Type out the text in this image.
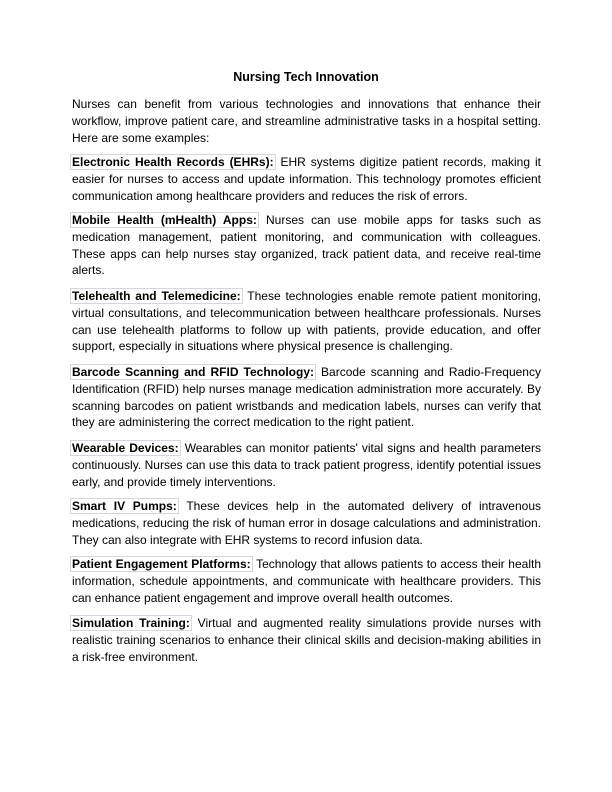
Nursing Tech Innovation

Nurses can benefit from various technologies and innovations that enhance their workflow, improve patient care, and streamline administrative tasks in a hospital setting. Here are some examples:

Electronic Health Records (EHRs): EHR systems digitize patient records, making it easier for nurses to access and update information. This technology promotes efficient communication among healthcare providers and reduces the risk of errors.

Mobile Health (mHealth) Apps: Nurses can use mobile apps for tasks such as medication management, patient monitoring, and communication with colleagues. These apps can help nurses stay organized, track patient data, and receive real-time alerts.

Telehealth and Telemedicine: These technologies enable remote patient monitoring, virtual consultations, and telecommunication between healthcare professionals. Nurses can use telehealth platforms to follow up with patients, provide education, and offer support, especially in situations where physical presence is challenging.

Barcode Scanning and RFID Technology: Barcode scanning and Radio-Frequency Identification (RFID) help nurses manage medication administration more accurately. By scanning barcodes on patient wristbands and medication labels, nurses can verify that they are administering the correct medication to the right patient.

Wearable Devices: Wearables can monitor patients' vital signs and health parameters continuously. Nurses can use this data to track patient progress, identify potential issues early, and provide timely interventions.

Smart IV Pumps: These devices help in the automated delivery of intravenous medications, reducing the risk of human error in dosage calculations and administration. They can also integrate with EHR systems to record infusion data.

Patient Engagement Platforms: Technology that allows patients to access their health information, schedule appointments, and communicate with healthcare providers. This can enhance patient engagement and improve overall health outcomes.

Simulation Training: Virtual and augmented reality simulations provide nurses with realistic training scenarios to enhance their clinical skills and decision-making abilities in a risk-free environment.
